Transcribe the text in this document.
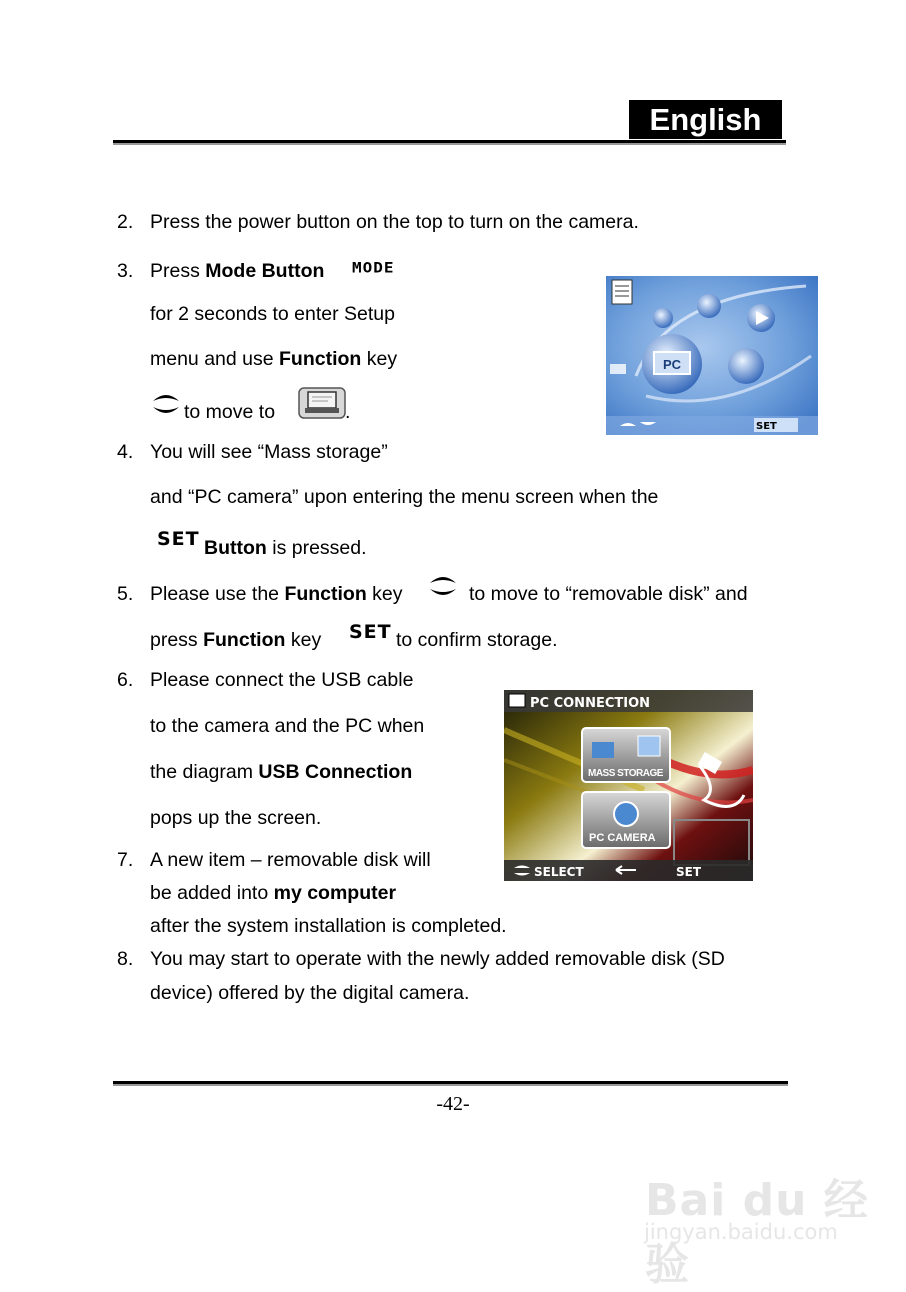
English
2. Press the power button on the top to turn on the camera.
3. Press Mode Button MODE
for 2 seconds to enter Setup
menu and use Function key
to move to	.
PC
SET
4. You will see “Mass storage”
and “PC camera” upon entering the menu screen when the
SET Button is pressed.
5. Please use the Function key	to move to “removable disk” and
press Function key SET to confirm storage.
6. Please connect the USB cable
to the camera and the PC when
the diagram USB Connection
pops up the screen.
PC CONNECTION
MASS STORAGE
PC CAMERA
SELECT	SET
7. A new item – removable disk will
be added into my computer
after the system installation is completed.
8. You may start to operate with the newly added removable disk (SD
device) offered by the digital camera.
-42-
Bai du 经验
jingyan.baidu.com
